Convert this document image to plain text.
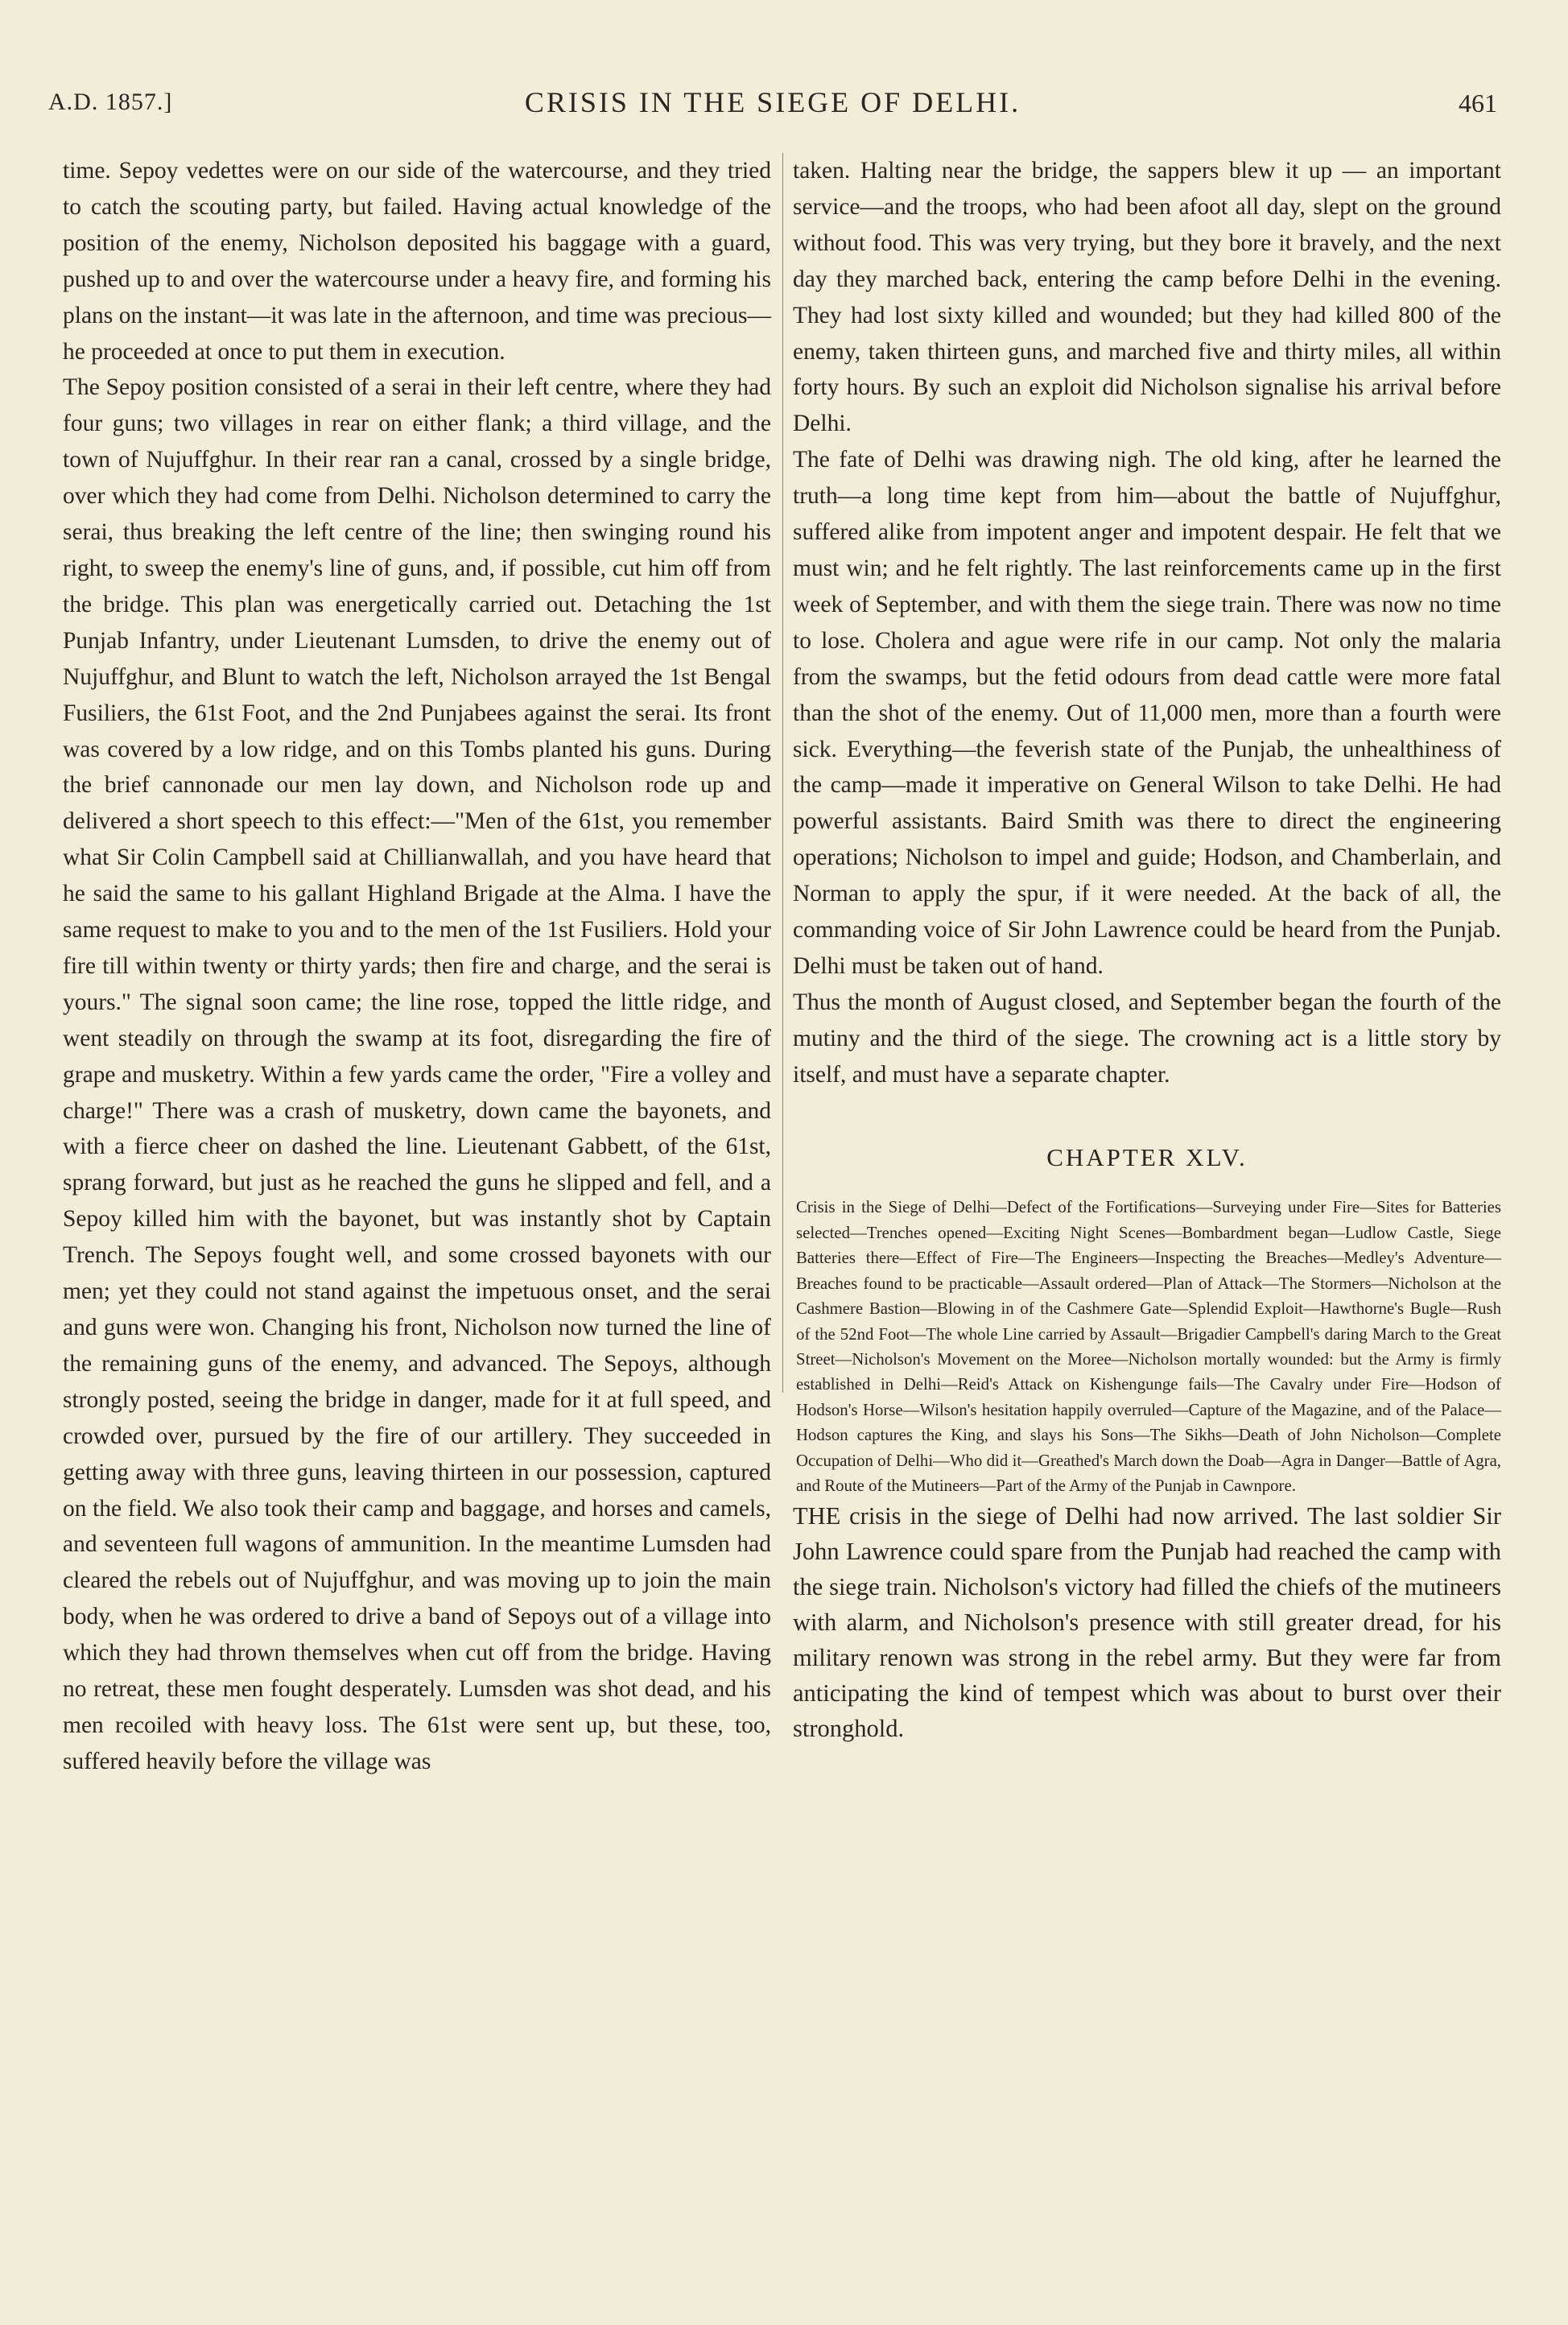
A.D. 1857.]	CRISIS IN THE SIEGE OF DELHI.	461

time. Sepoy vedettes were on our side of the watercourse, and they tried to catch the scouting party, but failed. Having actual knowledge of the position of the enemy, Nicholson deposited his baggage with a guard, pushed up to and over the watercourse under a heavy fire, and forming his plans on the instant—it was late in the afternoon, and time was precious—he proceeded at once to put them in execution.

The Sepoy position consisted of a serai in their left centre, where they had four guns; two villages in rear on either flank; a third village, and the town of Nujuffghur. In their rear ran a canal, crossed by a single bridge, over which they had come from Delhi. Nicholson determined to carry the serai, thus breaking the left centre of the line; then swinging round his right, to sweep the enemy's line of guns, and, if possible, cut him off from the bridge. This plan was energetically carried out. Detaching the 1st Punjab Infantry, under Lieutenant Lumsden, to drive the enemy out of Nujuffghur, and Blunt to watch the left, Nicholson arrayed the 1st Bengal Fusiliers, the 61st Foot, and the 2nd Punjabees against the serai. Its front was covered by a low ridge, and on this Tombs planted his guns. During the brief cannonade our men lay down, and Nicholson rode up and delivered a short speech to this effect:—"Men of the 61st, you remember what Sir Colin Campbell said at Chillianwallah, and you have heard that he said the same to his gallant Highland Brigade at the Alma. I have the same request to make to you and to the men of the 1st Fusiliers. Hold your fire till within twenty or thirty yards; then fire and charge, and the serai is yours." The signal soon came; the line rose, topped the little ridge, and went steadily on through the swamp at its foot, disregarding the fire of grape and musketry. Within a few yards came the order, "Fire a volley and charge!" There was a crash of musketry, down came the bayonets, and with a fierce cheer on dashed the line. Lieutenant Gabbett, of the 61st, sprang forward, but just as he reached the guns he slipped and fell, and a Sepoy killed him with the bayonet, but was instantly shot by Captain Trench. The Sepoys fought well, and some crossed bayonets with our men; yet they could not stand against the impetuous onset, and the serai and guns were won. Changing his front, Nicholson now turned the line of the remaining guns of the enemy, and advanced. The Sepoys, although strongly posted, seeing the bridge in danger, made for it at full speed, and crowded over, pursued by the fire of our artillery. They succeeded in getting away with three guns, leaving thirteen in our possession, captured on the field. We also took their camp and baggage, and horses and camels, and seventeen full wagons of ammunition. In the meantime Lumsden had cleared the rebels out of Nujuffghur, and was moving up to join the main body, when he was ordered to drive a band of Sepoys out of a village into which they had thrown themselves when cut off from the bridge. Having no retreat, these men fought desperately. Lumsden was shot dead, and his men recoiled with heavy loss. The 61st were sent up, but these, too, suffered heavily before the village was

taken. Halting near the bridge, the sappers blew it up — an important service—and the troops, who had been afoot all day, slept on the ground without food. This was very trying, but they bore it bravely, and the next day they marched back, entering the camp before Delhi in the evening. They had lost sixty killed and wounded; but they had killed 800 of the enemy, taken thirteen guns, and marched five and thirty miles, all within forty hours. By such an exploit did Nicholson signalise his arrival before Delhi.

The fate of Delhi was drawing nigh. The old king, after he learned the truth—a long time kept from him—about the battle of Nujuffghur, suffered alike from impotent anger and impotent despair. He felt that we must win; and he felt rightly. The last reinforcements came up in the first week of September, and with them the siege train. There was now no time to lose. Cholera and ague were rife in our camp. Not only the malaria from the swamps, but the fetid odours from dead cattle were more fatal than the shot of the enemy. Out of 11,000 men, more than a fourth were sick. Everything—the feverish state of the Punjab, the unhealthiness of the camp—made it imperative on General Wilson to take Delhi. He had powerful assistants. Baird Smith was there to direct the engineering operations; Nicholson to impel and guide; Hodson, and Chamberlain, and Norman to apply the spur, if it were needed. At the back of all, the commanding voice of Sir John Lawrence could be heard from the Punjab. Delhi must be taken out of hand.

Thus the month of August closed, and September began the fourth of the mutiny and the third of the siege. The crowning act is a little story by itself, and must have a separate chapter.

CHAPTER XLV.

Crisis in the Siege of Delhi—Defect of the Fortifications—Surveying under Fire—Sites for Batteries selected—Trenches opened—Exciting Night Scenes—Bombardment began—Ludlow Castle, Siege Batteries there—Effect of Fire—The Engineers—Inspecting the Breaches—Medley's Adventure—Breaches found to be practicable—Assault ordered—Plan of Attack—The Stormers—Nicholson at the Cashmere Bastion—Blowing in of the Cashmere Gate—Splendid Exploit—Hawthorne's Bugle—Rush of the 52nd Foot—The whole Line carried by Assault—Brigadier Campbell's daring March to the Great Street—Nicholson's Movement on the Moree—Nicholson mortally wounded: but the Army is firmly established in Delhi—Reid's Attack on Kishengunge fails—The Cavalry under Fire—Hodson of Hodson's Horse—Wilson's hesitation happily overruled—Capture of the Magazine, and of the Palace—Hodson captures the King, and slays his Sons—The Sikhs—Death of John Nicholson—Complete Occupation of Delhi—Who did it—Greathed's March down the Doab—Agra in Danger—Battle of Agra, and Route of the Mutineers—Part of the Army of the Punjab in Cawnpore.

THE crisis in the siege of Delhi had now arrived. The last soldier Sir John Lawrence could spare from the Punjab had reached the camp with the siege train. Nicholson's victory had filled the chiefs of the mutineers with alarm, and Nicholson's presence with still greater dread, for his military renown was strong in the rebel army. But they were far from anticipating the kind of tempest which was about to burst over their stronghold.
